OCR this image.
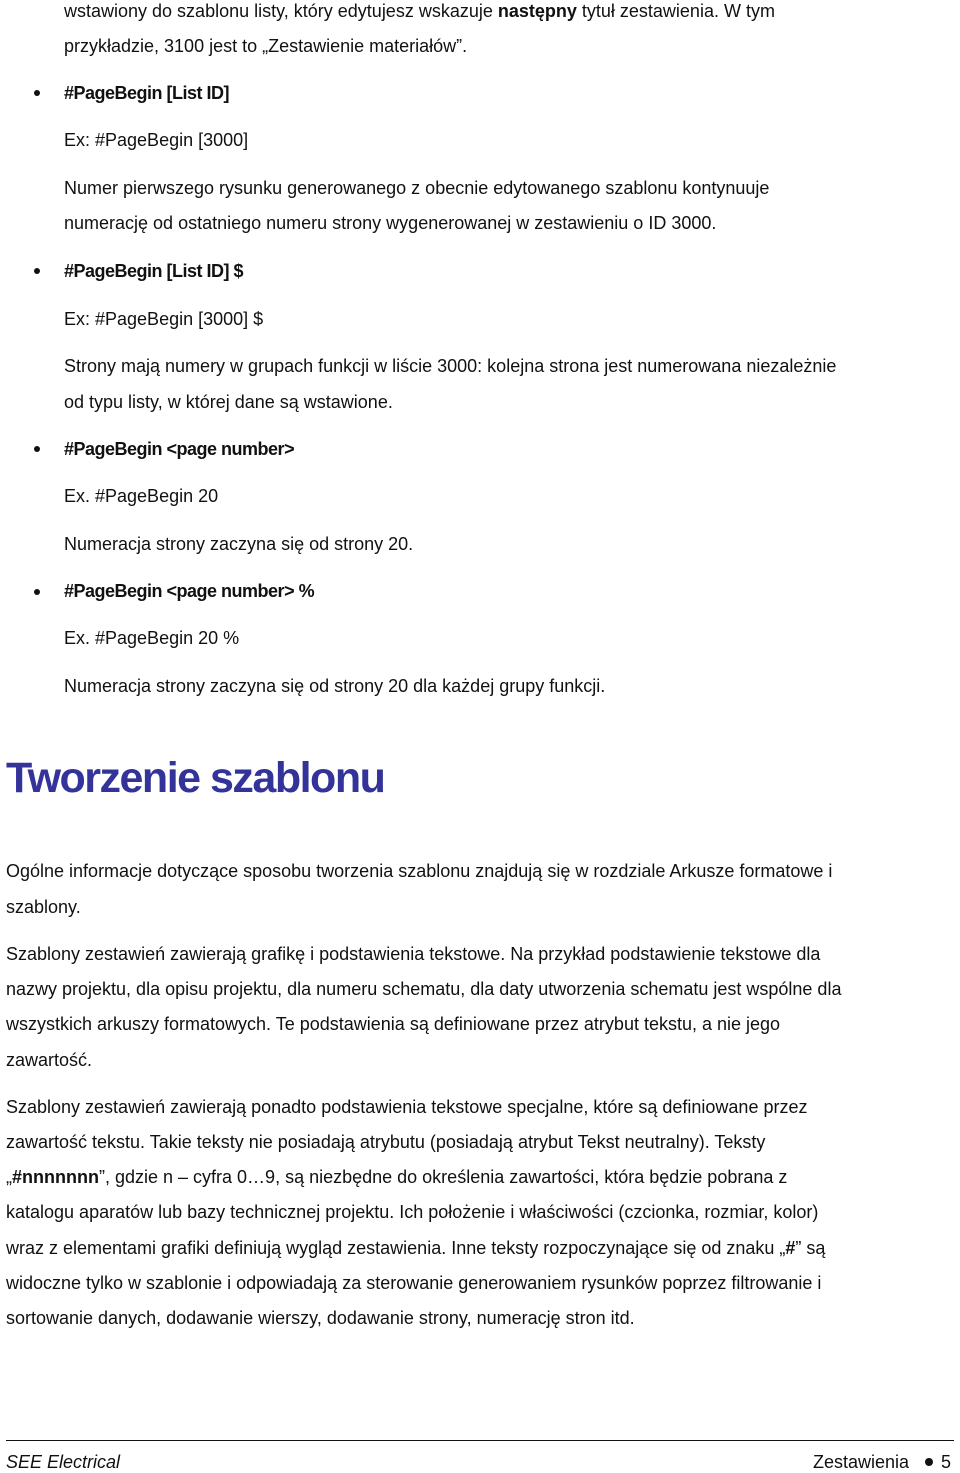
wstawiony do szablonu listy, który edytujesz wskazuje następny tytuł zestawienia. W tym
przykładzie, 3100 jest to „Zestawienie materiałów”.
#PageBegin [List ID]
Ex: #PageBegin [3000]
Numer pierwszego rysunku generowanego z obecnie edytowanego szablonu kontynuuje
numerację od ostatniego numeru strony wygenerowanej w zestawieniu o ID 3000.
#PageBegin [List ID] $
Ex: #PageBegin [3000] $
Strony mają numery w grupach funkcji w liście 3000: kolejna strona jest numerowana niezależnie
od typu listy, w której dane są wstawione.
#PageBegin <page number>
Ex. #PageBegin 20
Numeracja strony zaczyna się od strony 20.
#PageBegin <page number> %
Ex. #PageBegin 20 %
Numeracja strony zaczyna się od strony 20 dla każdej grupy funkcji.
Tworzenie szablonu
Ogólne informacje dotyczące sposobu tworzenia szablonu znajdują się w rozdziale Arkusze formatowe i
szablony.
Szablony zestawień zawierają grafikę i podstawienia tekstowe. Na przykład podstawienie tekstowe dla
nazwy projektu, dla opisu projektu, dla numeru schematu, dla daty utworzenia schematu jest wspólne dla
wszystkich arkuszy formatowych. Te podstawienia są definiowane przez atrybut tekstu, a nie jego
zawartość.
Szablony zestawień zawierają ponadto podstawienia tekstowe specjalne, które są definiowane przez
zawartość tekstu. Takie teksty nie posiadają atrybutu (posiadają atrybut Tekst neutralny). Teksty
„#nnnnnnn”, gdzie n – cyfra 0…9, są niezbędne do określenia zawartości, która będzie pobrana z
katalogu aparatów lub bazy technicznej projektu. Ich położenie i właściwości (czcionka, rozmiar, kolor)
wraz z elementami grafiki definiują wygląd zestawienia. Inne teksty rozpoczynające się od znaku „#” są
widoczne tylko w szablonie i odpowiadają za sterowanie generowaniem rysunków poprzez filtrowanie i
sortowanie danych, dodawanie wierszy, dodawanie strony, numerację stron itd.
SEE Electrical	Zestawienia 5
